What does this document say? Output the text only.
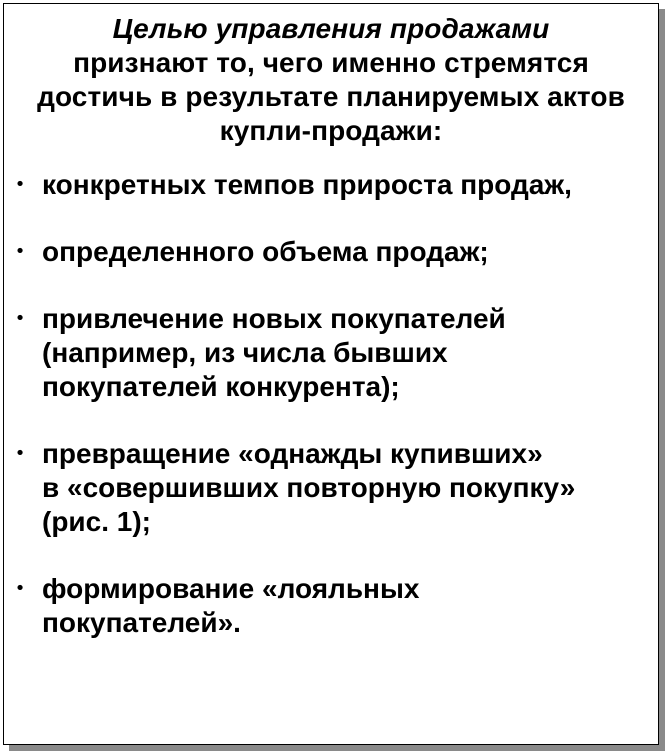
Целью управления продажами
признают то, чего именно стремятся
достичь в результате планируемых актов
купли-продажи:
• конкретных темпов прироста продаж,
• определенного объема продаж;
• привлечение новых покупателей
(например, из числа бывших
покупателей конкурента);
• превращение «однажды купивших»
в «совершивших повторную покупку»
(рис. 1);
• формирование «лояльных
покупателей».
